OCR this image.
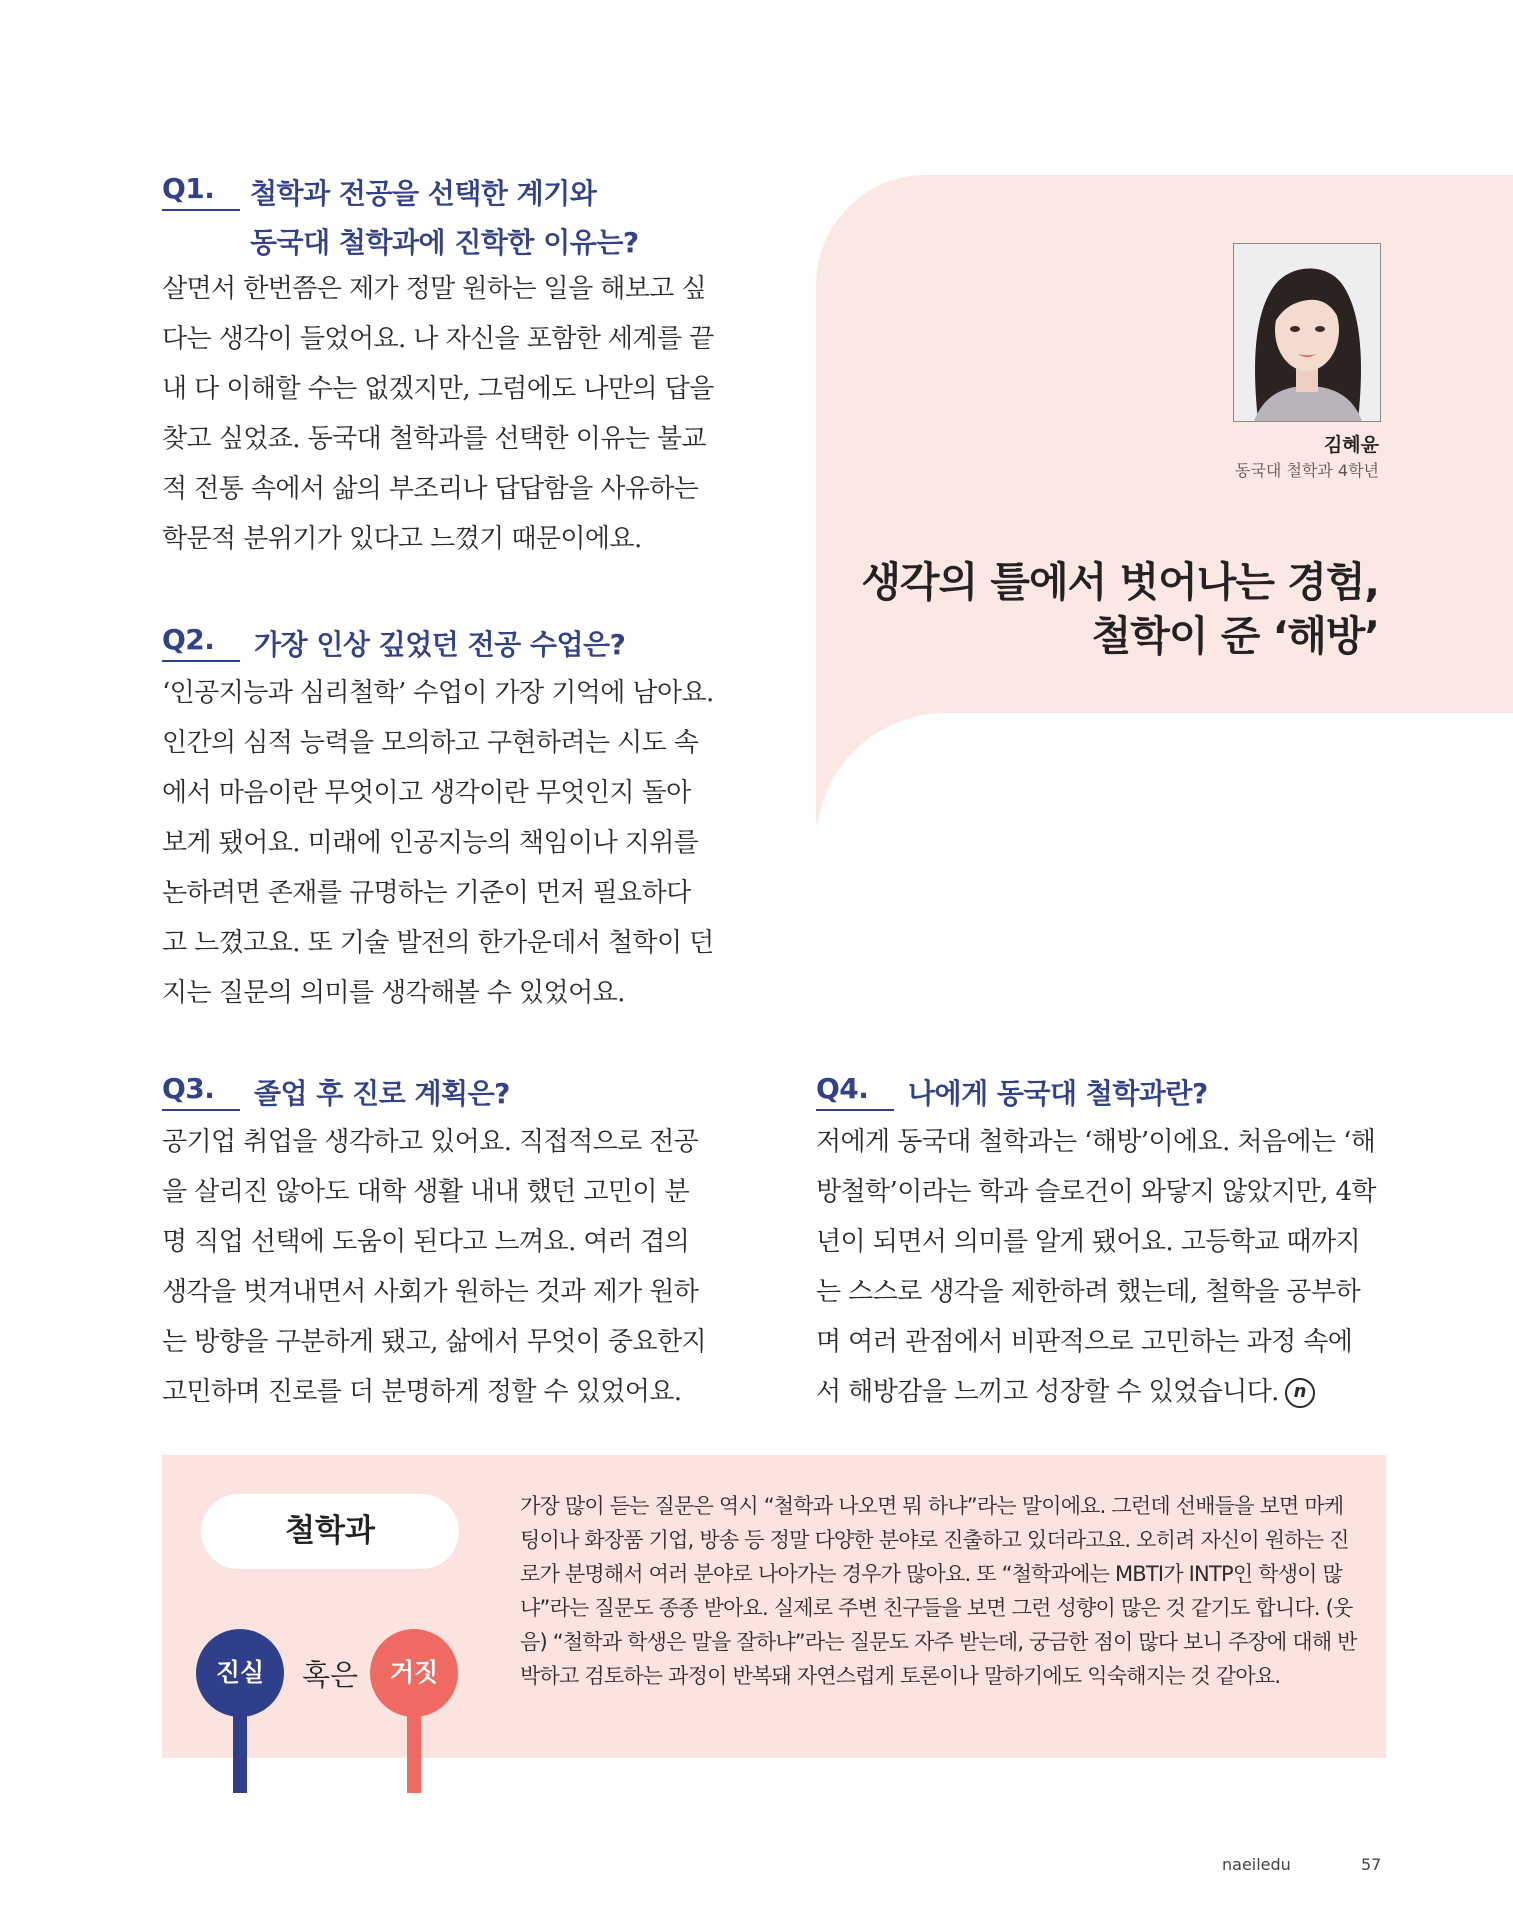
Q1.	철학과 전공을 선택한 계기와
동국대 철학과에 진학한 이유는?

살면서 한번쯤은 제가 정말 원하는 일을 해보고 싶

다는 생각이 들었어요. 나 자신을 포함한 세계를 끝

내 다 이해할 수는 없겠지만, 그럼에도 나만의 답을

찾고 싶었죠. 동국대 철학과를 선택한 이유는 불교

적 전통 속에서 삶의 부조리나 답답함을 사유하는

학문적 분위기가 있다고 느꼈기 때문이에요.

Q2.	가장 인상 깊었던 전공 수업은?

‘인공지능과 심리철학’ 수업이 가장 기억에 남아요.

인간의 심적 능력을 모의하고 구현하려는 시도 속

에서 마음이란 무엇이고 생각이란 무엇인지 돌아

보게 됐어요. 미래에 인공지능의 책임이나 지위를

논하려면 존재를 규명하는 기준이 먼저 필요하다

고 느꼈고요. 또 기술 발전의 한가운데서 철학이 던

지는 질문의 의미를 생각해볼 수 있었어요.

Q3.	졸업 후 진로 계획은?

공기업 취업을 생각하고 있어요. 직접적으로 전공

을 살리진 않아도 대학 생활 내내 했던 고민이 분

명 직업 선택에 도움이 된다고 느껴요. 여러 겹의

생각을 벗겨내면서 사회가 원하는 것과 제가 원하

는 방향을 구분하게 됐고, 삶에서 무엇이 중요한지

고민하며 진로를 더 분명하게 정할 수 있었어요.

Q4.	나에게 동국대 철학과란?

저에게 동국대 철학과는 ‘해방’이에요. 처음에는 ‘해

방철학’이라는 학과 슬로건이 와닿지 않았지만, 4학

년이 되면서 의미를 알게 됐어요. 고등학교 때까지

는 스스로 생각을 제한하려 했는데, 철학을 공부하

며 여러 관점에서 비판적으로 고민하는 과정 속에

서 해방감을 느끼고 성장할 수 있었습니다. n

김혜윤
동국대 철학과 4학년
생각의 틀에서 벗어나는 경험,
철학이 준 ‘해방’
철학과
진실	혹은	거짓

가장 많이 듣는 질문은 역시 “철학과 나오면 뭐 하냐”라는 말이에요. 그런데 선배들을 보면 마케팅이나 화장품 기업, 방송 등 정말 다양한 분야로 진출하고 있더라고요. 오히려 자신이 원하는 진로가 분명해서 여러 분야로 나아가는 경우가 많아요. 또 “철학과에는 MBTI가 INTP인 학생이 많냐”라는 질문도 종종 받아요. 실제로 주변 친구들을 보면 그런 성향이 많은 것 같기도 합니다. (웃음) “철학과 학생은 말을 잘하냐”라는 질문도 자주 받는데, 궁금한 점이 많다 보니 주장에 대해 반박하고 검토하는 과정이 반복돼 자연스럽게 토론이나 말하기에도 익숙해지는 것 같아요.

naeiledu	57
